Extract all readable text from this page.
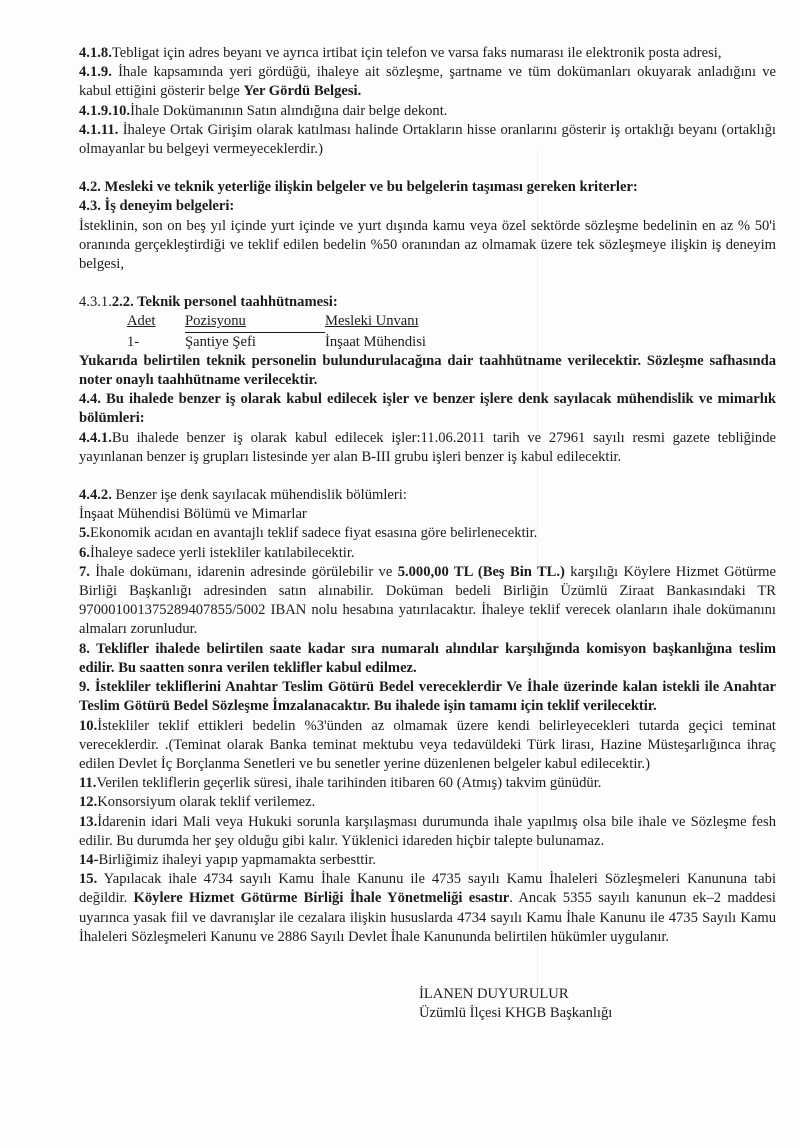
4.1.8.Tebligat için adres beyanı ve ayrıca irtibat için telefon ve varsa faks numarası ile elektronik posta adresi,

4.1.9. İhale kapsamında yeri gördüğü, ihaleye ait sözleşme, şartname ve tüm dokümanları okuyarak anladığını ve kabul ettiğini gösterir belge Yer Gördü Belgesi.

4.1.9.10.İhale Dokümanının Satın alındığına dair belge dekont.

4.1.11. İhaleye Ortak Girişim olarak katılması halinde Ortakların hisse oranlarını gösterir iş ortaklığı beyanı (ortaklığı olmayanlar bu belgeyi vermeyeceklerdir.)

4.2. Mesleki ve teknik yeterliğe ilişkin belgeler ve bu belgelerin taşıması gereken kriterler:

4.3. İş deneyim belgeleri:

İsteklinin, son on beş yıl içinde yurt içinde ve yurt dışında kamu veya özel sektörde sözleşme bedelinin en az % 50'i oranında gerçekleştirdiği ve teklif edilen bedelin %50 oranından az olmamak üzere tek sözleşmeye ilişkin iş deneyim belgesi,

4.3.1.2.2. Teknik personel taahhütnamesi:

Adet	Pozisyonu	Mesleki Unvanı
1-	Şantiye Şefi	İnşaat Mühendisi

Yukarıda belirtilen teknik personelin bulundurulacağına dair taahhütname verilecektir. Sözleşme safhasında noter onaylı taahhütname verilecektir.

4.4. Bu ihalede benzer iş olarak kabul edilecek işler ve benzer işlere denk sayılacak mühendislik ve mimarlık bölümleri:

4.4.1.Bu ihalede benzer iş olarak kabul edilecek işler:11.06.2011 tarih ve 27961 sayılı resmi gazete tebliğinde yayınlanan benzer iş grupları listesinde yer alan B-III grubu işleri benzer iş kabul edilecektir.

4.4.2. Benzer işe denk sayılacak mühendislik bölümleri:

İnşaat Mühendisi Bölümü ve Mimarlar

5.Ekonomik acıdan en avantajlı teklif sadece fiyat esasına göre belirlenecektir.

6.İhaleye sadece yerli istekliler katılabilecektir.

7. İhale dokümanı, idarenin adresinde görülebilir ve 5.000,00 TL (Beş Bin TL.) karşılığı Köylere Hizmet Götürme Birliği Başkanlığı adresinden satın alınabilir. Doküman bedeli Birliğin Üzümlü Ziraat Bankasındaki TR 970001001375289407855/5002 IBAN nolu hesabına yatırılacaktır. İhaleye teklif verecek olanların ihale dokümanını almaları zorunludur.

8. Teklifler ihalede belirtilen saate kadar sıra numaralı alındılar karşılığında komisyon başkanlığına teslim edilir. Bu saatten sonra verilen teklifler kabul edilmez.

9. İstekliler tekliflerini Anahtar Teslim Götürü Bedel vereceklerdir Ve İhale üzerinde kalan istekli ile Anahtar Teslim Götürü Bedel Sözleşme İmzalanacaktır. Bu ihalede işin tamamı için teklif verilecektir.

10.İstekliler teklif ettikleri bedelin %3'ünden az olmamak üzere kendi belirleyecekleri tutarda geçici teminat vereceklerdir. .(Teminat olarak Banka teminat mektubu veya tedavüldeki Türk lirası, Hazine Müsteşarlığınca ihraç edilen Devlet İç Borçlanma Senetleri ve bu senetler yerine düzenlenen belgeler kabul edilecektir.)

11.Verilen tekliflerin geçerlik süresi, ihale tarihinden itibaren 60 (Atmış) takvim günüdür.

12.Konsorsiyum olarak teklif verilemez.

13.İdarenin idari Mali veya Hukuki sorunla karşılaşması durumunda ihale yapılmış olsa bile ihale ve Sözleşme fesh edilir. Bu durumda her şey olduğu gibi kalır. Yüklenici idareden hiçbir talepte bulunamaz.

14-Birliğimiz ihaleyi yapıp yapmamakta serbesttir.

15. Yapılacak ihale 4734 sayılı Kamu İhale Kanunu ile 4735 sayılı Kamu İhaleleri Sözleşmeleri Kanununa tabi değildir. Köylere Hizmet Götürme Birliği İhale Yönetmeliği esastır. Ancak 5355 sayılı kanunun ek–2 maddesi uyarınca yasak fiil ve davranışlar ile cezalara ilişkin hususlarda 4734 sayılı Kamu İhale Kanunu ile 4735 Sayılı Kamu İhaleleri Sözleşmeleri Kanunu ve 2886 Sayılı Devlet İhale Kanununda belirtilen hükümler uygulanır.

İLANEN DUYURULUR

Üzümlü İlçesi KHGB Başkanlığı
